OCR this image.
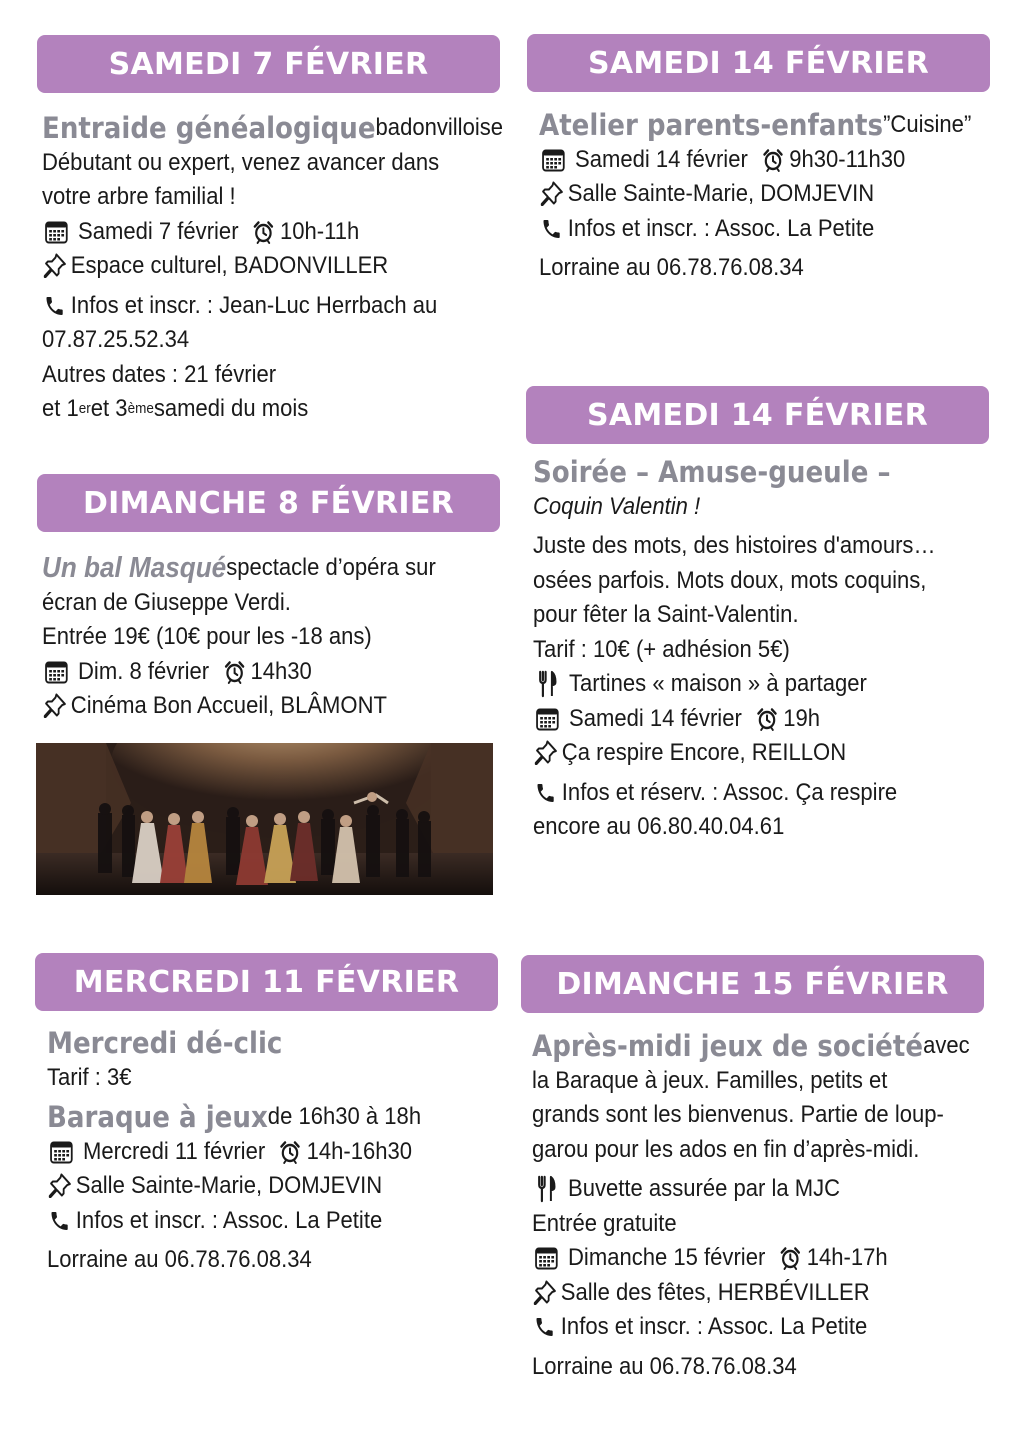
SAMEDI 7 FÉVRIER
Entraide généalogique badonvilloise
Débutant ou expert, venez avancer dans
votre arbre familial !
Samedi 7 février 10h-11h
Espace culturel, BADONVILLER
Infos et inscr. : Jean-Luc Herrbach au
07.87.25.52.34
Autres dates : 21 février
et 1 er et 3 ème samedi du mois
DIMANCHE 8 FÉVRIER
Un bal Masqué spectacle d’opéra sur
écran de Giuseppe Verdi.
Entrée 19€ (10€ pour les -18 ans)
Dim. 8 février 14h30
Cinéma Bon Accueil, BLÂMONT
MERCREDI 11 FÉVRIER
Mercredi dé-clic
Tarif : 3€
Baraque à jeux de 16h30 à 18h
Mercredi 11 février 14h-16h30
Salle Sainte-Marie, DOMJEVIN
Infos et inscr. : Assoc. La Petite
Lorraine au 06.78.76.08.34
SAMEDI 14 FÉVRIER
Atelier parents-enfants ”Cuisine”
Samedi 14 février 9h30-11h30
Salle Sainte-Marie, DOMJEVIN
Infos et inscr. : Assoc. La Petite
Lorraine au 06.78.76.08.34
SAMEDI 14 FÉVRIER
Soirée – Amuse-gueule –
Coquin Valentin !
Juste des mots, des histoires d'amours…
osées parfois. Mots doux, mots coquins,
pour fêter la Saint-Valentin.
Tarif : 10€ (+ adhésion 5€)
Tartines « maison » à partager
Samedi 14 février 19h
Ça respire Encore, REILLON
Infos et réserv. : Assoc. Ça respire
encore au 06.80.40.04.61
DIMANCHE 15 FÉVRIER
Après-midi jeux de société avec
la Baraque à jeux. Familles, petits et
grands sont les bienvenus. Partie de loup-
garou pour les ados en fin d’après-midi.
Buvette assurée par la MJC
Entrée gratuite
Dimanche 15 février 14h-17h
Salle des fêtes, HERBÉVILLER
Infos et inscr. : Assoc. La Petite
Lorraine au 06.78.76.08.34
